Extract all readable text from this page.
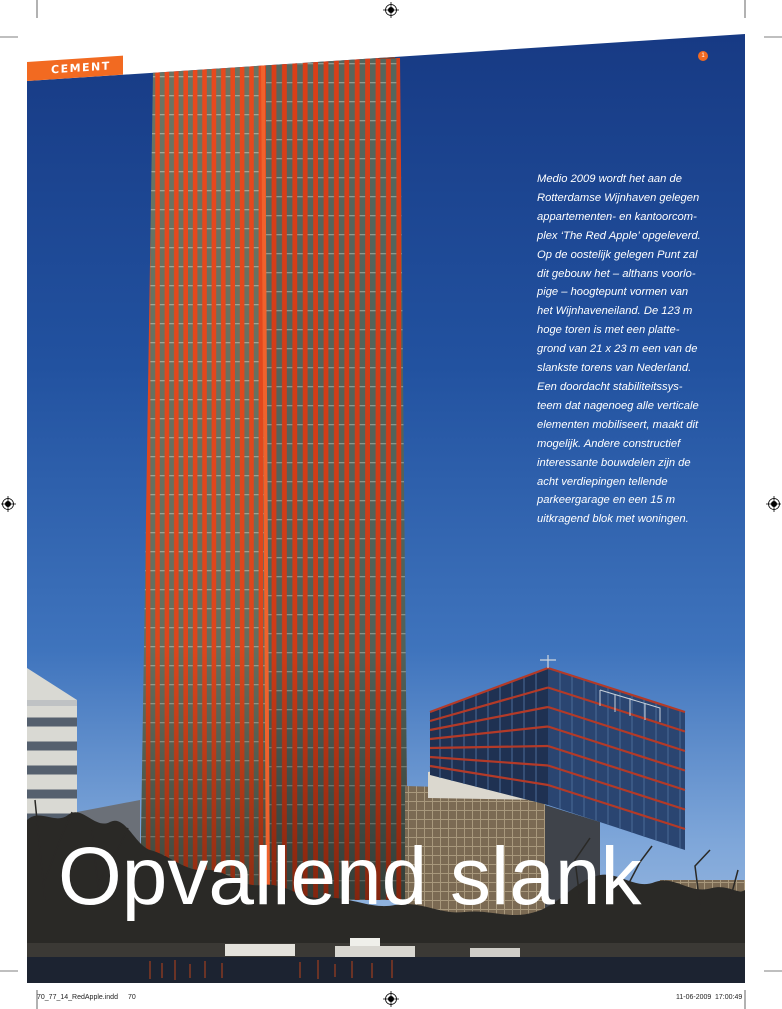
CEMENT
1
Medio 2009 wordt het aan de
Rotterdamse Wijnhaven gelegen
appartementen- en kantoorcom-
plex ‘The Red Apple’ opgeleverd.
Op de oostelijk gelegen Punt zal
dit gebouw het – althans voorlo-
pige – hoogtepunt vormen van
het Wijnhaveneiland. De 123 m
hoge toren is met een platte-
grond van 21 x 23 m een van de
slankste torens van Nederland.
Een doordacht stabiliteitssys-
teem dat nagenoeg alle verticale
elementen mobiliseert, maakt dit
mogelijk. Andere constructief
interessante bouwdelen zijn de
acht verdiepingen tellende
parkeergarage en een 15 m
uitkragend blok met woningen.
Opvallend slank
70_77_14_RedApple.indd 70	11-06-2009 17:00:49
